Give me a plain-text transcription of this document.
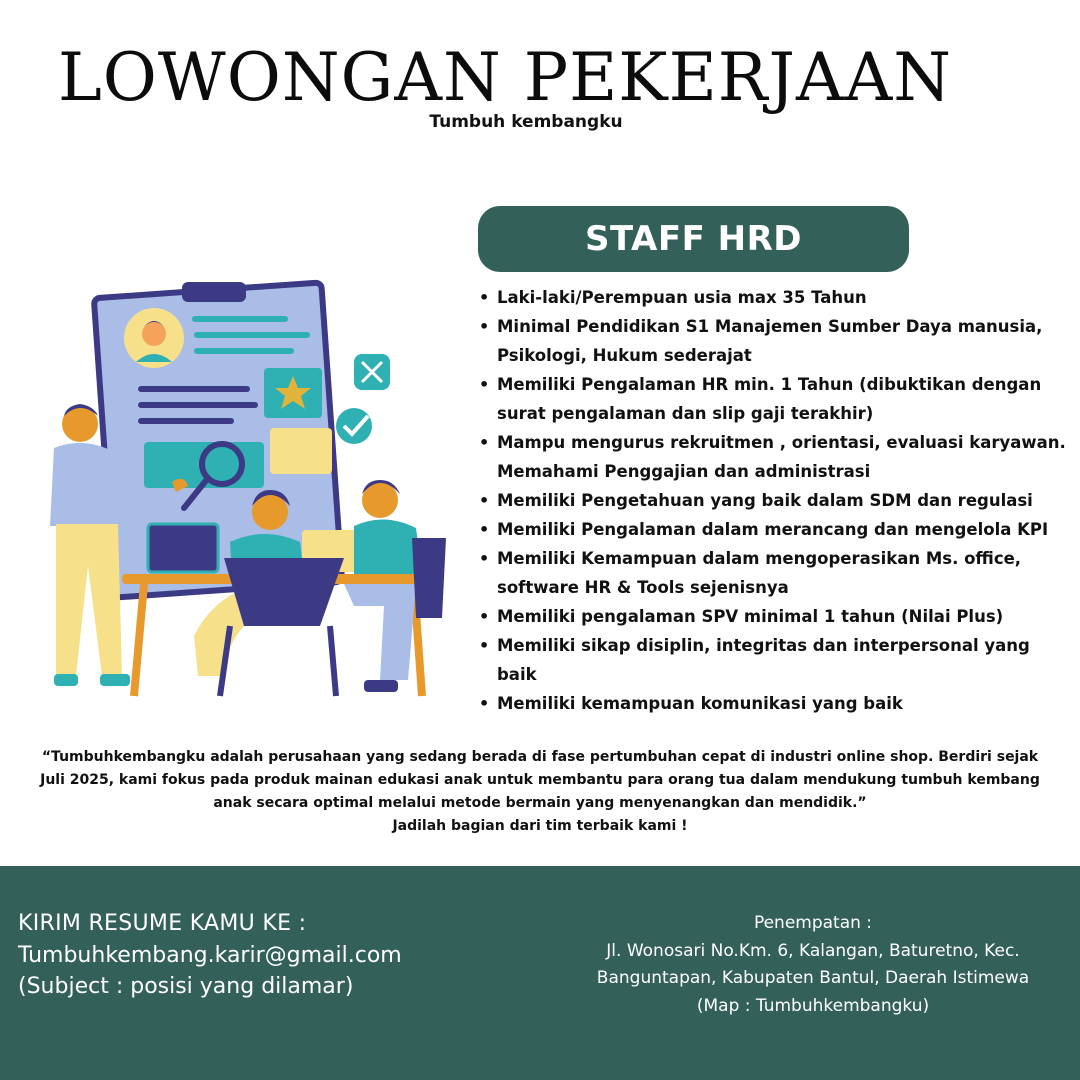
LOWONGAN PEKERJAAN
Tumbuh kembangku
STAFF HRD
• Laki-laki/Perempuan usia max 35 Tahun
• Minimal Pendidikan S1 Manajemen Sumber Daya manusia, Psikologi, Hukum sederajat
• Memiliki Pengalaman HR min. 1 Tahun (dibuktikan dengan surat pengalaman dan slip gaji terakhir)
• Mampu mengurus rekruitmen , orientasi, evaluasi karyawan. Memahami Penggajian dan administrasi
• Memiliki Pengetahuan yang baik dalam SDM dan regulasi
• Memiliki Pengalaman dalam merancang dan mengelola KPI
• Memiliki Kemampuan dalam mengoperasikan Ms. office, software HR & Tools sejenisnya
• Memiliki pengalaman SPV minimal 1 tahun (Nilai Plus)
• Memiliki sikap disiplin, integritas dan interpersonal yang baik
• Memiliki kemampuan komunikasi yang baik
“Tumbuhkembangku adalah perusahaan yang sedang berada di fase pertumbuhan cepat di industri online shop. Berdiri sejak Juli 2025, kami fokus pada produk mainan edukasi anak untuk membantu para orang tua dalam mendukung tumbuh kembang anak secara optimal melalui metode bermain yang menyenangkan dan mendidik.”
Jadilah bagian dari tim terbaik kami !
KIRIM RESUME KAMU KE :
Tumbuhkembang.karir@gmail.com
(Subject : posisi yang dilamar)
Penempatan :
Jl. Wonosari No.Km. 6, Kalangan, Baturetno, Kec.
Banguntapan, Kabupaten Bantul, Daerah Istimewa
(Map : Tumbuhkembangku)
